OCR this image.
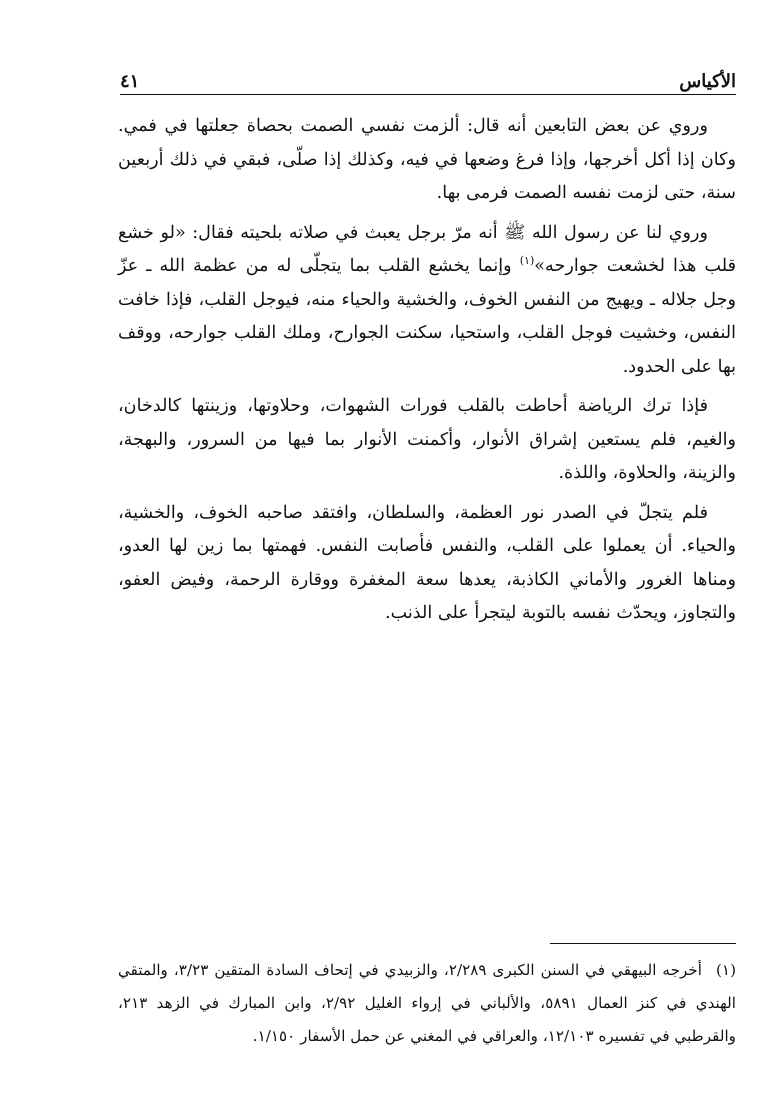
الأكياس
٤١

وروي عن بعض التابعين أنه قال: ألزمت نفسي الصمت بحصاة جعلتها في فمي. وكان إذا أكل أخرجها، وإذا فرغ وضعها في فيه، وكذلك إذا صلّى، فبقي في ذلك أربعين سنة، حتى لزمت نفسه الصمت فرمى بها.

وروي لنا عن رسول الله ﷺ أنه مرّ برجل يعبث في صلاته بلحيته فقال: «لو خشع قلب هذا لخشعت جوارحه»$^{(١)}$ وإنما يخشع القلب بما يتجلّى له من عظمة الله ـ عزّ وجل جلاله ـ ويهيج من النفس الخوف، والخشية والحياء منه، فيوجل القلب، فإذا خافت النفس، وخشيت فوجل القلب، واستحيا، سكنت الجوارح، وملك القلب جوارحه، ووقف بها على الحدود.

فإذا ترك الرياضة أحاطت بالقلب فورات الشهوات، وحلاوتها، وزينتها كالدخان، والغيم، فلم يستعين إشراق الأنوار، وأكمنت الأنوار بما فيها من السرور، والبهجة، والزينة، والحلاوة، واللذة.

فلم يتجلّ في الصدر نور العظمة، والسلطان، وافتقد صاحبه الخوف، والخشية، والحياء. أن يعملوا على القلب، والنفس فأصابت النفس. فهمتها بما زين لها العدو، ومناها الغرور والأماني الكاذبة، يعدها سعة المغفرة ووقارة الرحمة، وفيض العفو، والتجاوز، ويحدّث نفسه بالتوبة ليتجرأ على الذنب.

(١)أخرجه البيهقي في السنن الكبرى ٢/٢٨٩، والزبيدي في إتحاف السادة المتقين ٣/٢٣، والمتقي الهندي في كنز العمال ٥٨٩١، والألباني في إرواء الغليل ٢/٩٢، وابن المبارك في الزهد ٢١٣، والقرطبي في تفسيره ١٢/١٠٣، والعراقي في المغني عن حمل الأسفار ١/١٥٠.
